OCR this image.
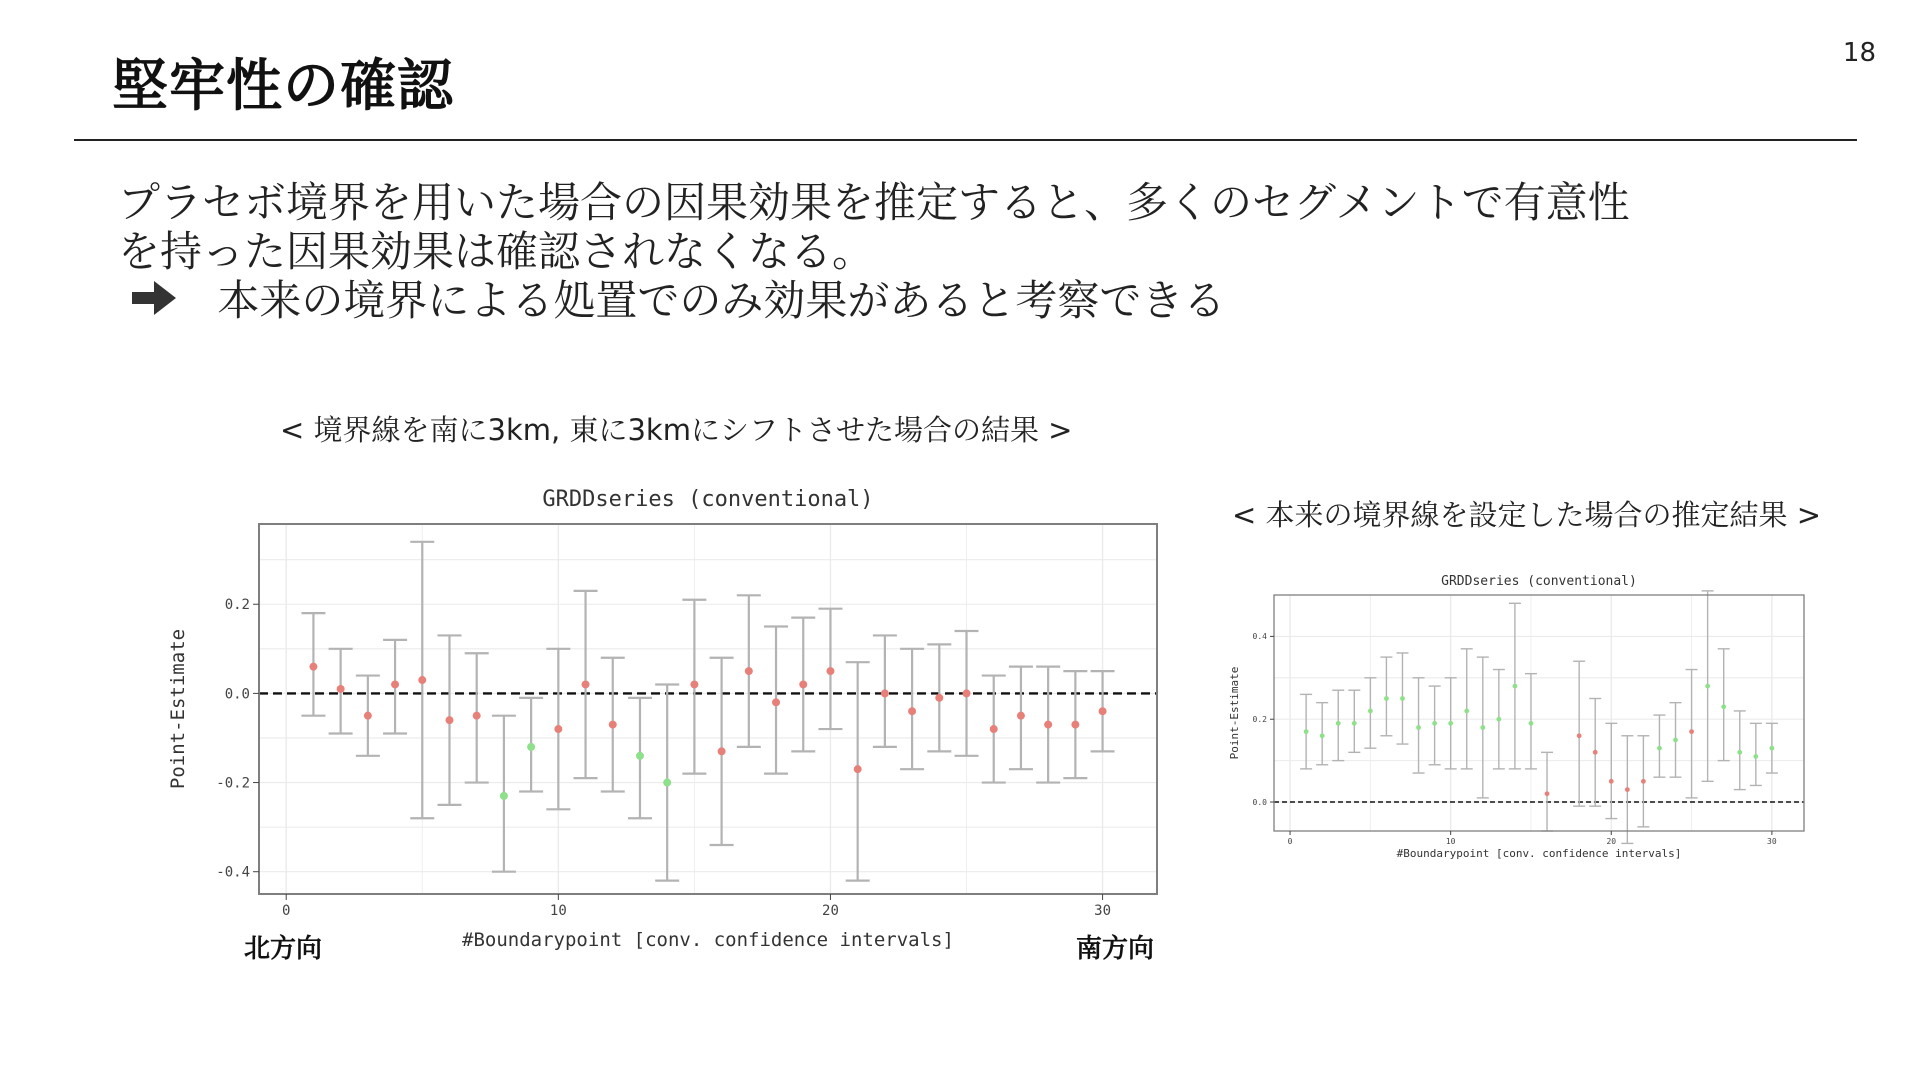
18
堅牢性の確認
プラセボ境界を用いた場合の因果効果を推定すると、多くのセグメントで有意性
を持った因果効果は確認されなくなる。
本来の境界による処置でのみ効果があると考察できる
< 境界線を南に3km, 東に3kmにシフトさせた場合の結果 >
< 本来の境界線を設定した場合の推定結果 >
GRDDseries (conventional)
0	10	20	30
-0.4
-0.2
0.0
0.2
#Boundarypoint [conv. confidence intervals]
Point-Estimate
GRDDseries (conventional)
0	10	20	30
0.0
0.2
0.4
#Boundarypoint [conv. confidence intervals]
Point-Estimate
北方向	南方向
